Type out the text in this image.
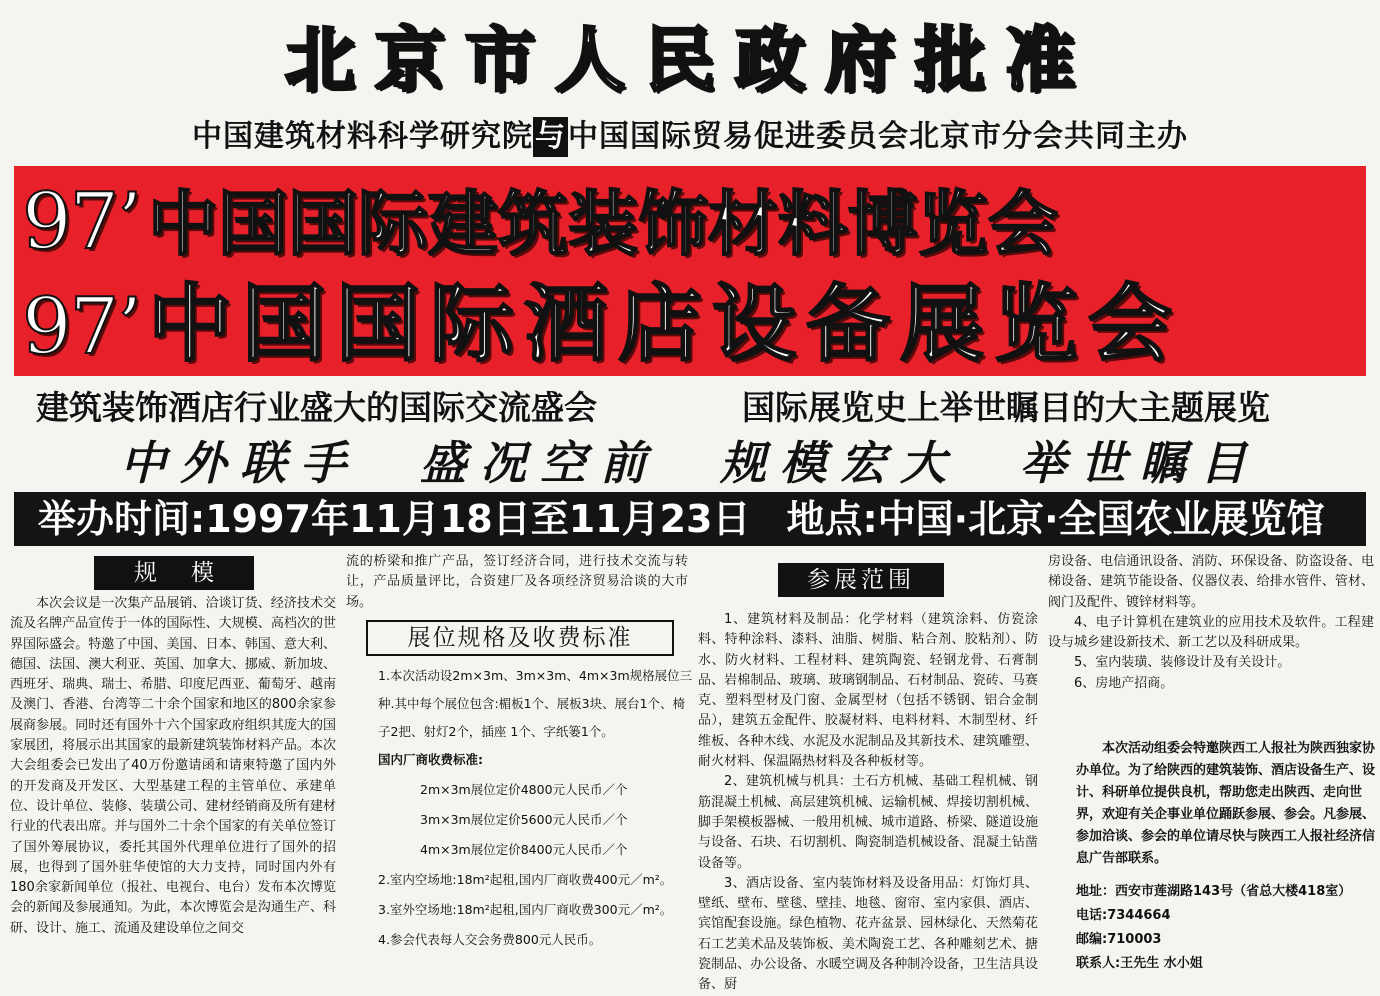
北京市人民政府批准
中国建筑材料科学研究院与中国国际贸易促进委员会北京市分会共同主办
97’ 中国国际建筑装饰材料博览会
97’中国国际酒店设备展览会
建筑装饰酒店行业盛大的国际交流盛会	国际展览史上举世瞩目的大主题展览
中外联手  盛况空前  规模宏大  举世瞩目
举办时间:1997年11月18日至11月23日 地点:中国·北京·全国农业展览馆
规模

本次会议是一次集产品展销、洽谈订货、经济技术交流及名牌产品宣传于一体的国际性、大规模、高档次的世界国际盛会。特邀了中国、美国、日本、韩国、意大利、德国、法国、澳大利亚、英国、加拿大、挪威、新加坡、西班牙、瑞典、瑞士、希腊、印度尼西亚、葡萄牙、越南及澳门、香港、台湾等二十余个国家和地区的800余家参展商参展。同时还有国外十六个国家政府组织其庞大的国家展团，将展示出其国家的最新建筑装饰材料产品。本次大会组委会已发出了40万份邀请函和请柬特邀了国内外的开发商及开发区、大型基建工程的主管单位、承建单位、设计单位、装修、装璜公司、建材经销商及所有建材行业的代表出席。并与国外二十余个国家的有关单位签订了国外筹展协议，委托其国外代理单位进行了国外的招展，也得到了国外驻华使馆的大力支持，同时国内外有180余家新闻单位（报社、电视台、电台）发布本次博览会的新闻及参展通知。为此，本次博览会是沟通生产、科研、设计、施工、流通及建设单位之间交

流的桥梁和推广产品，签订经济合同，进行技术交流与转让，产品质量评比，合资建厂及各项经济贸易洽谈的大市场。

展位规格及收费标准
1.本次活动设2m×3m、3m×3m、4m×3m规格展位三种.其中每个展位包含:楣板1个、展板3块、展台1个、椅子2把、射灯2个，插座 1个、字纸篓1个。
国内厂商收费标准:
2m×3m展位定价4800元人民币／个
3m×3m展位定价5600元人民币／个
4m×3m展位定价8400元人民币／个
2.室内空场地:18m²起租,国内厂商收费400元／m²。
3.室外空场地:18m²起租,国内厂商收费300元／m²。
4.参会代表每人交会务费800元人民币。
参展范围

1、建筑材料及制品：化学材料（建筑涂料、仿瓷涂料、特种涂料、漆料、油脂、树脂、粘合剂、胶粘剂）、防水、防火材料、工程材料、建筑陶瓷、轻钢龙骨、石膏制品、岩棉制品、玻璃、玻璃钢制品、石材制品、瓷砖、马赛克、塑料型材及门窗、金属型材（包括不锈钢、铝合金制品），建筑五金配件、胶凝材料、电料材料、木制型材、纤维板、各种木线、水泥及水泥制品及其新技术、建筑雕塑、耐火材料、保温隔热材料及各种板材等。

2、建筑机械与机具：土石方机械、基础工程机械、钢筋混凝土机械、高层建筑机械、运输机械、焊接切割机械、脚手架模板器械、一般用机械、城市道路、桥梁、隧道设施与设备、石块、石切割机、陶瓷制造机械设备、混凝土钻凿设备等。

3、酒店设备、室内装饰材料及设备用品：灯饰灯具、壁纸、壁布、壁毯、壁挂、地毯、窗帘、室内家俱、酒店、宾馆配套设施。绿色植物、花卉盆景、园林绿化、天然菊花石工艺美术品及装饰板、美术陶瓷工艺、各种雕刻艺术、搪瓷制品、办公设备、水暖空调及各种制冷设备，卫生洁具设备、厨

房设备、电信通讯设备、消防、环保设备、防盗设备、电梯设备、建筑节能设备、仪器仪表、给排水管件、管材、阀门及配件、镀锌材料等。

4、电子计算机在建筑业的应用技术及软件。工程建设与城乡建设新技术、新工艺以及科研成果。

5、室内装璜、装修设计及有关设计。

6、房地产招商。

本次活动组委会特邀陕西工人报社为陕西独家协办单位。为了给陕西的建筑装饰、酒店设备生产、设计、科研单位提供良机，帮助您走出陕西、走向世界，欢迎有关企事业单位踊跃参展、参会。凡参展、参加洽谈、参会的单位请尽快与陕西工人报社经济信息广告部联系。

地址：西安市莲湖路143号（省总大楼418室）
电话:7344664
邮编:710003
联系人:王先生 水小姐
